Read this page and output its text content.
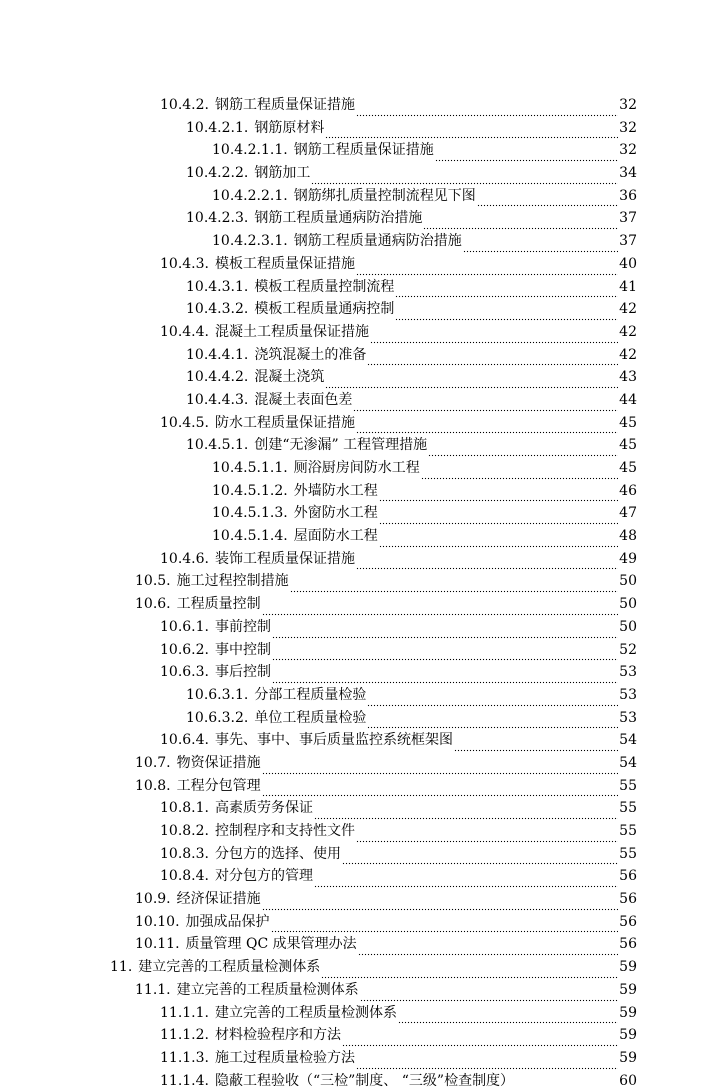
10.4.2. 钢筋工程质量保证措施	32
10.4.2.1. 钢筋原材料	32
10.4.2.1.1. 钢筋工程质量保证措施	32
10.4.2.2. 钢筋加工	34
10.4.2.2.1. 钢筋绑扎质量控制流程见下图	36
10.4.2.3. 钢筋工程质量通病防治措施	37
10.4.2.3.1. 钢筋工程质量通病防治措施	37
10.4.3. 模板工程质量保证措施	40
10.4.3.1. 模板工程质量控制流程	41
10.4.3.2. 模板工程质量通病控制	42
10.4.4. 混凝土工程质量保证措施	42
10.4.4.1. 浇筑混凝土的准备	42
10.4.4.2. 混凝土浇筑	43
10.4.4.3. 混凝土表面色差	44
10.4.5. 防水工程质量保证措施	45
10.4.5.1. 创建“无渗漏” 工程管理措施	45
10.4.5.1.1. 厕浴厨房间防水工程	45
10.4.5.1.2. 外墙防水工程	46
10.4.5.1.3. 外窗防水工程	47
10.4.5.1.4. 屋面防水工程	48
10.4.6. 装饰工程质量保证措施	49
10.5. 施工过程控制措施	50
10.6. 工程质量控制	50
10.6.1. 事前控制	50
10.6.2. 事中控制	52
10.6.3. 事后控制	53
10.6.3.1. 分部工程质量检验	53
10.6.3.2. 单位工程质量检验	53
10.6.4. 事先、事中、事后质量监控系统框架图	54
10.7. 物资保证措施	54
10.8. 工程分包管理	55
10.8.1. 高素质劳务保证	55
10.8.2. 控制程序和支持性文件	55
10.8.3. 分包方的选择、使用	55
10.8.4. 对分包方的管理	56
10.9. 经济保证措施	56
10.10. 加强成品保护	56
10.11. 质量管理 QC 成果管理办法	56
11. 建立完善的工程质量检测体系	59
11.1. 建立完善的工程质量检测体系	59
11.1.1. 建立完善的工程质量检测体系	59
11.1.2. 材料检验程序和方法	59
11.1.3. 施工过程质量检验方法	59
11.1.4. 隐蔽工程验收（“三检”制度、 “三级”检查制度）	60
